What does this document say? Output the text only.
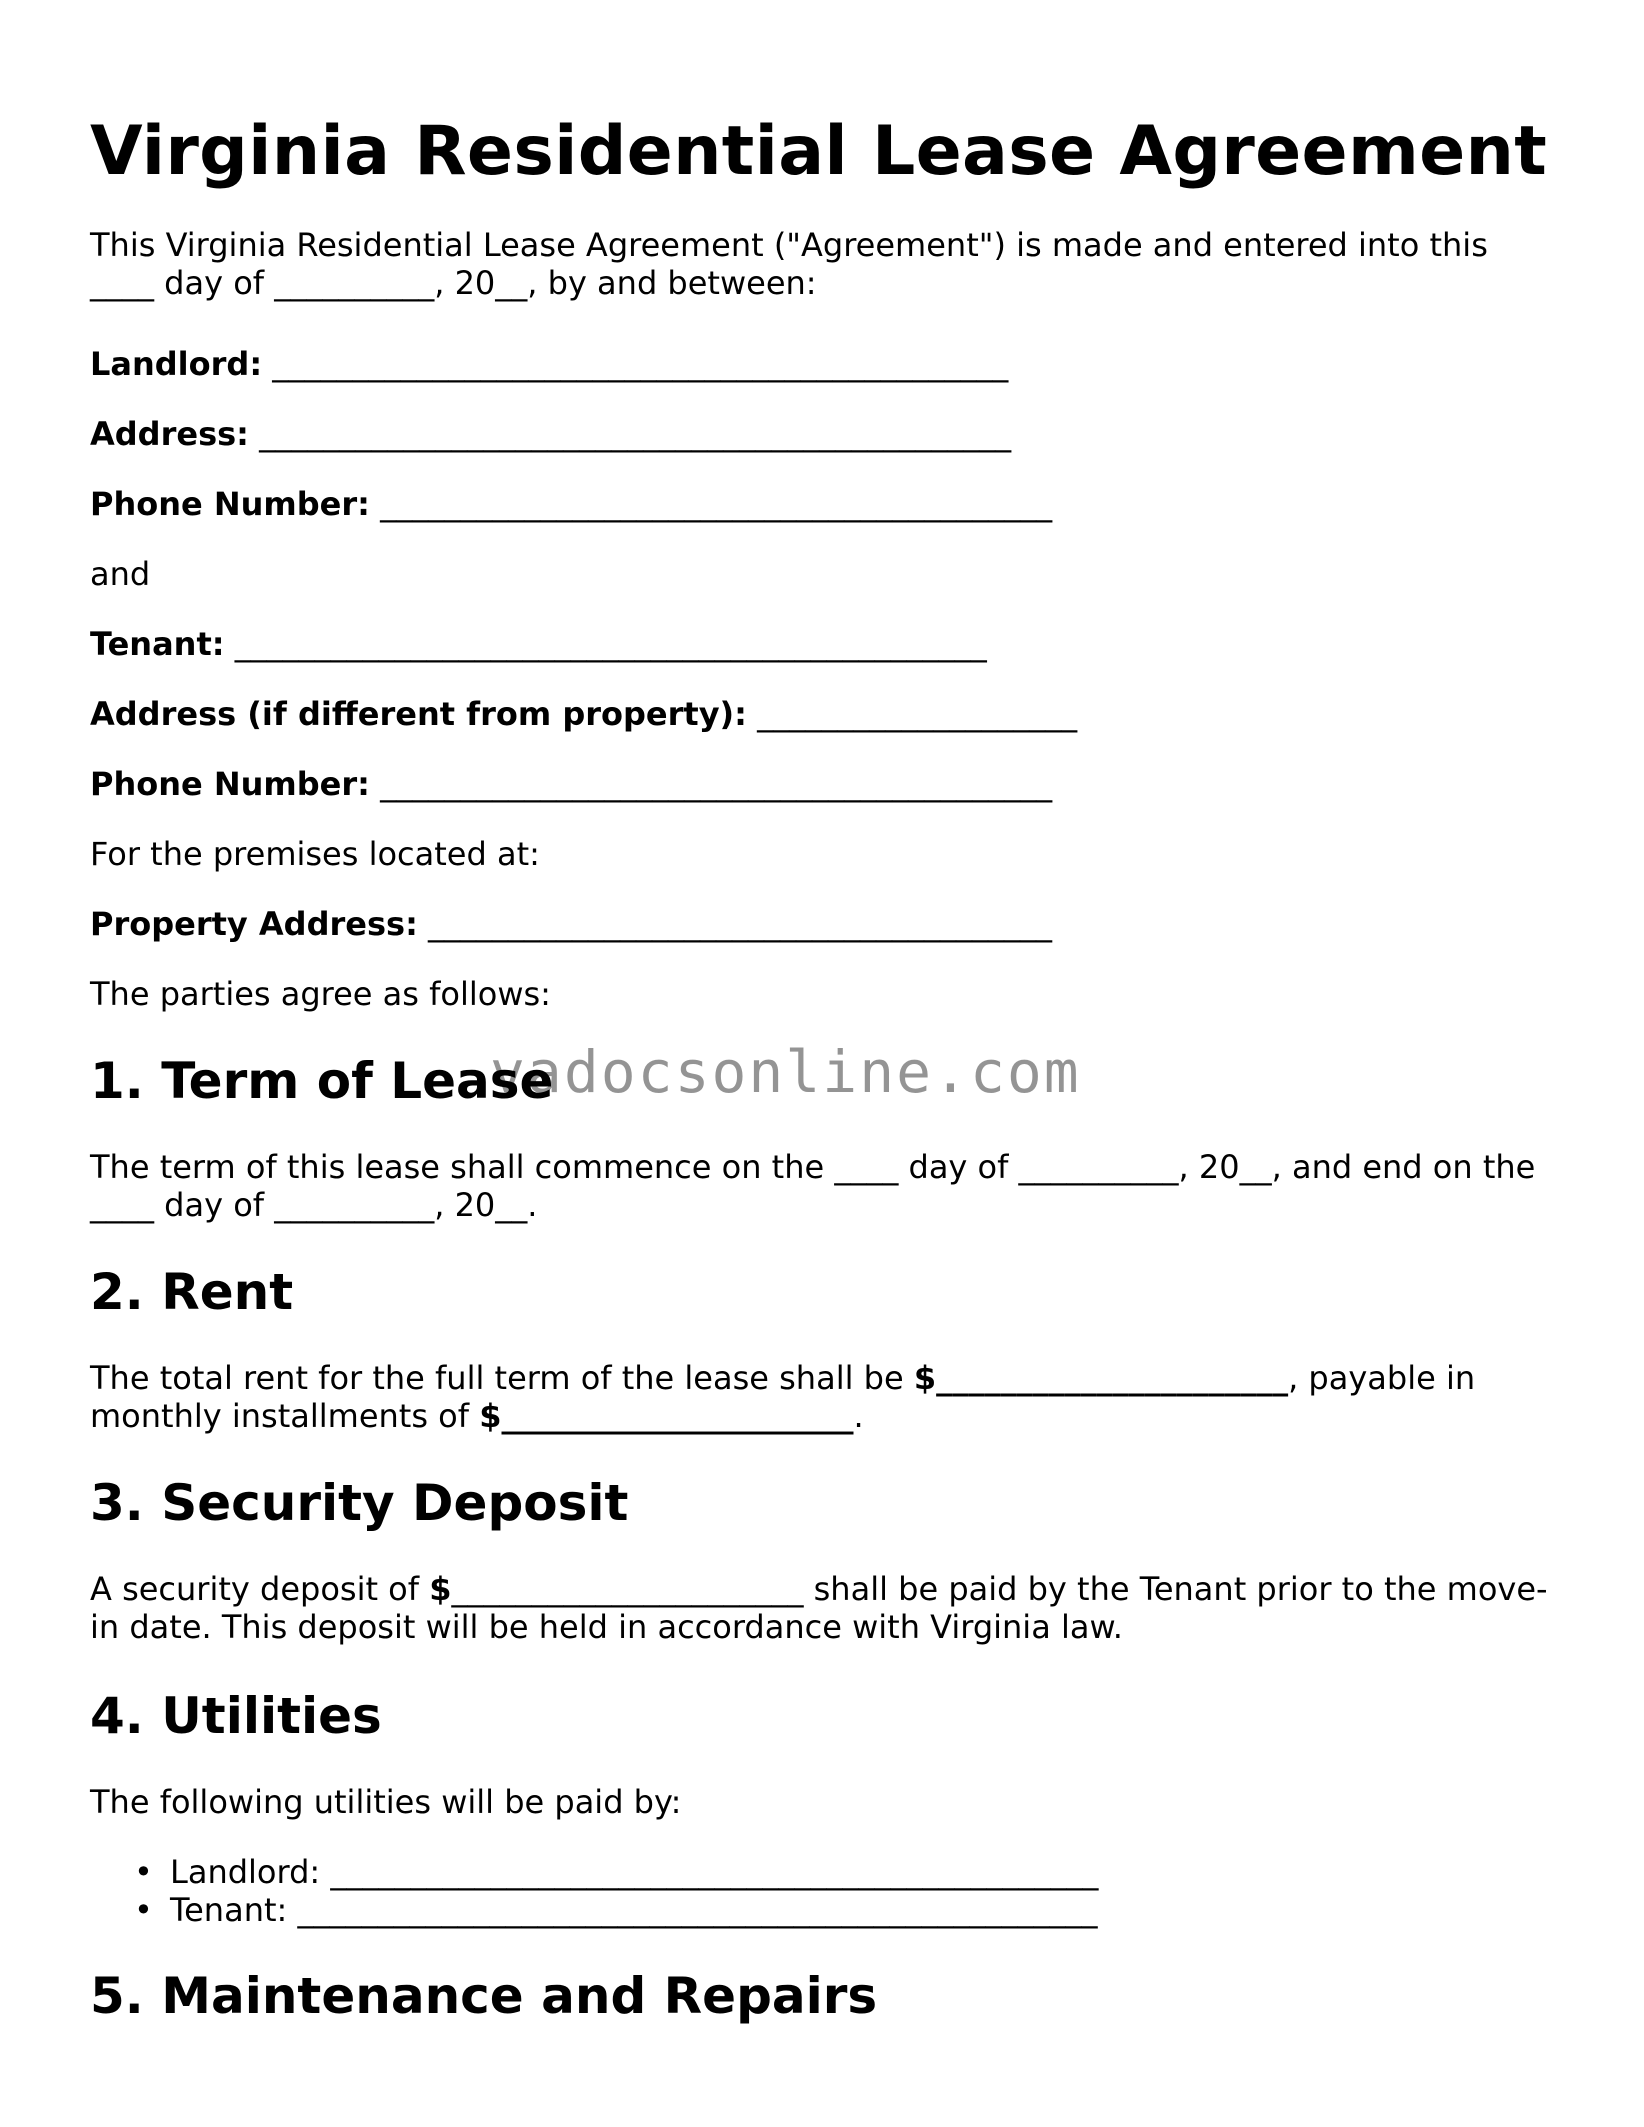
Virginia Residential Lease Agreement

This Virginia Residential Lease Agreement ("Agreement") is made and entered into this

____ day of __________, 20__, by and between:

Landlord: ______________________________________________

Address: _______________________________________________

Phone Number: __________________________________________

and

Tenant: _______________________________________________

Address (if different from property): ____________________

Phone Number: __________________________________________

For the premises located at:

Property Address: _______________________________________

The parties agree as follows:

1. Term of Lease

The term of this lease shall commence on the ____ day of __________, 20__, and end on the

____ day of __________, 20__.

2. Rent

The total rent for the full term of the lease shall be $______________________, payable in

monthly installments of $______________________.

3. Security Deposit

A security deposit of $______________________ shall be paid by the Tenant prior to the move-

in date. This deposit will be held in accordance with Virginia law.

4. Utilities

The following utilities will be paid by:

• Landlord: ________________________________________________
• Tenant: __________________________________________________
5. Maintenance and Repairs
vadocsonline.com
